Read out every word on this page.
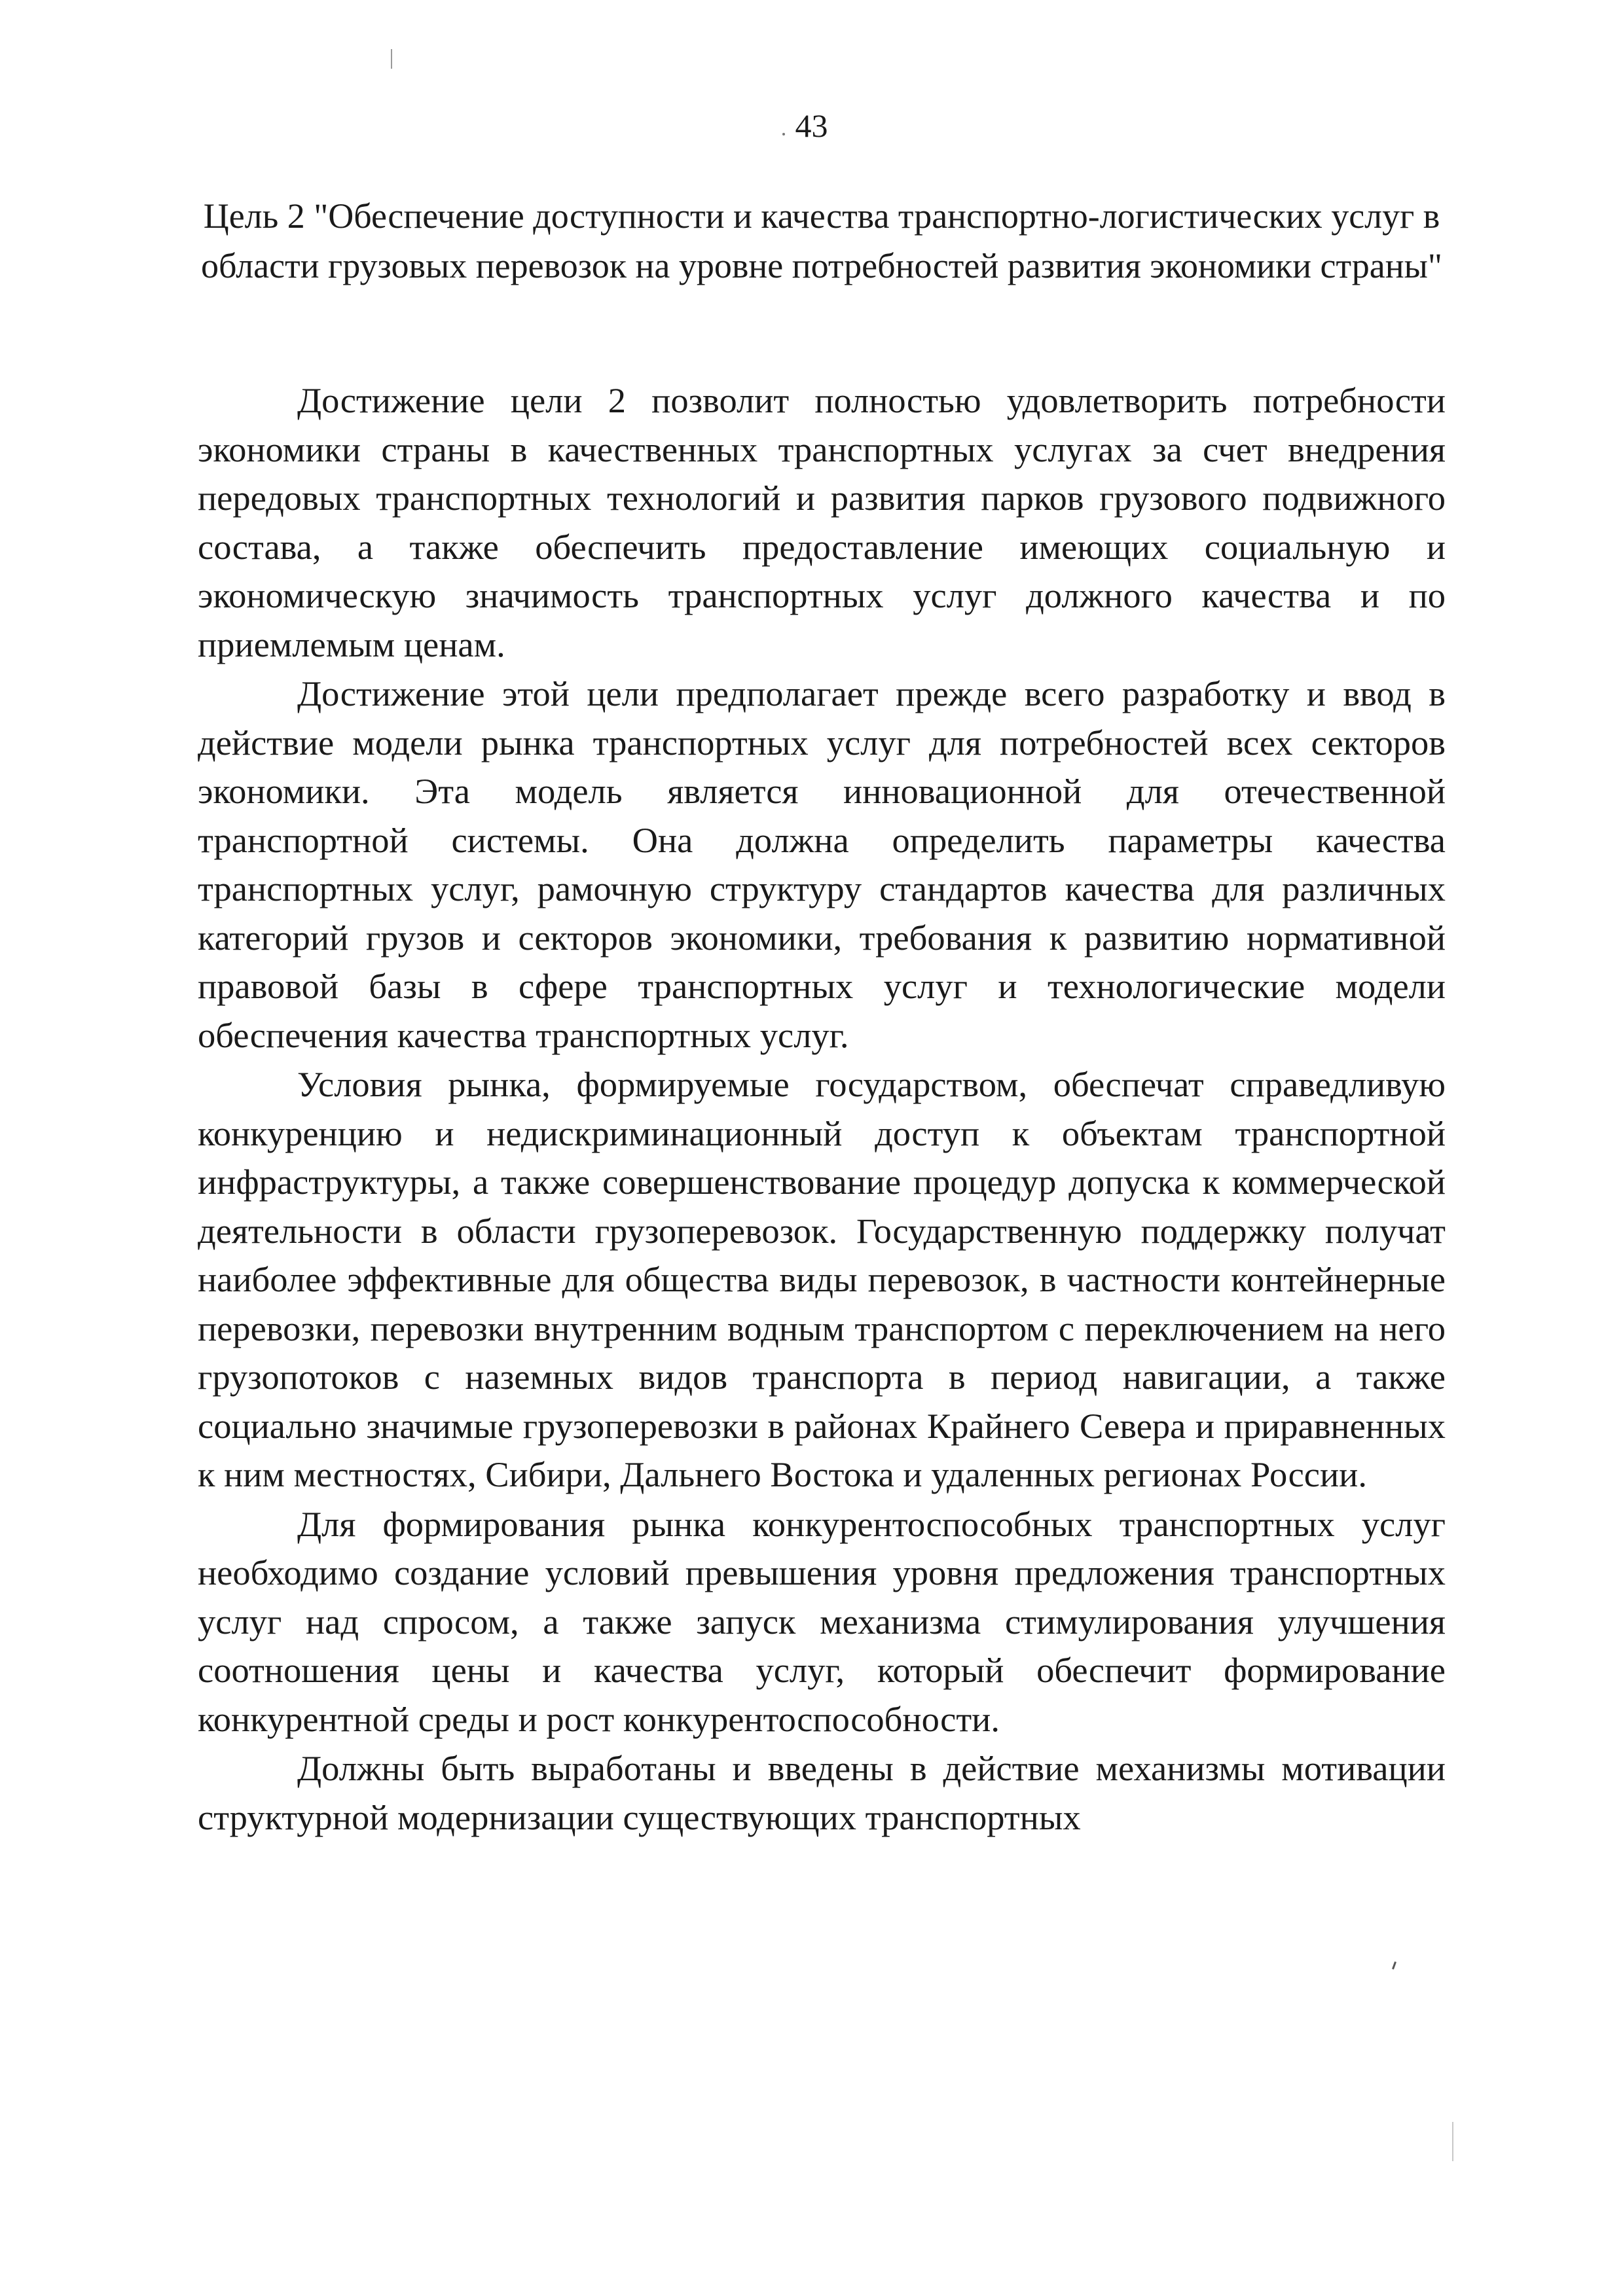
43
Цель 2 "Обеспечение доступности и качества транспортно-логистических услуг в области грузовых перевозок на уровне потребностей развития экономики страны"

Достижение цели 2 позволит полностью удовлетворить потребности экономики страны в качественных транспортных услугах за счет внедрения передовых транспортных технологий и развития парков грузового подвижного состава, а также обеспечить предоставление имеющих социальную и экономическую значимость транспортных услуг должного качества и по приемлемым ценам.

Достижение этой цели предполагает прежде всего разработку и ввод в действие модели рынка транспортных услуг для потребностей всех секторов экономики. Эта модель является инновационной для отечественной транспортной системы. Она должна определить параметры качества транспортных услуг, рамочную структуру стандартов качества для различных категорий грузов и секторов экономики, требования к развитию нормативной правовой базы в сфере транспортных услуг и технологические модели обеспечения качества транспортных услуг.

Условия рынка, формируемые государством, обеспечат справедливую конкуренцию и недискриминационный доступ к объектам транспортной инфраструктуры, а также совершенствование процедур допуска к коммерческой деятельности в области грузоперевозок. Государственную поддержку получат наиболее эффективные для общества виды перевозок, в частности контейнерные перевозки, перевозки внутренним водным транспортом с переключением на него грузопотоков с наземных видов транспорта в период навигации, а также социально значимые грузоперевозки в районах Крайнего Севера и приравненных к ним местностях, Сибири, Дальнего Востока и удаленных регионах России.

Для формирования рынка конкурентоспособных транспортных услуг необходимо создание условий превышения уровня предложения транспортных услуг над спросом, а также запуск механизма стимулирования улучшения соотношения цены и качества услуг, который обеспечит формирование конкурентной среды и рост конкурентоспособности.

Должны быть выработаны и введены в действие механизмы мотивации структурной модернизации существующих транспортных
